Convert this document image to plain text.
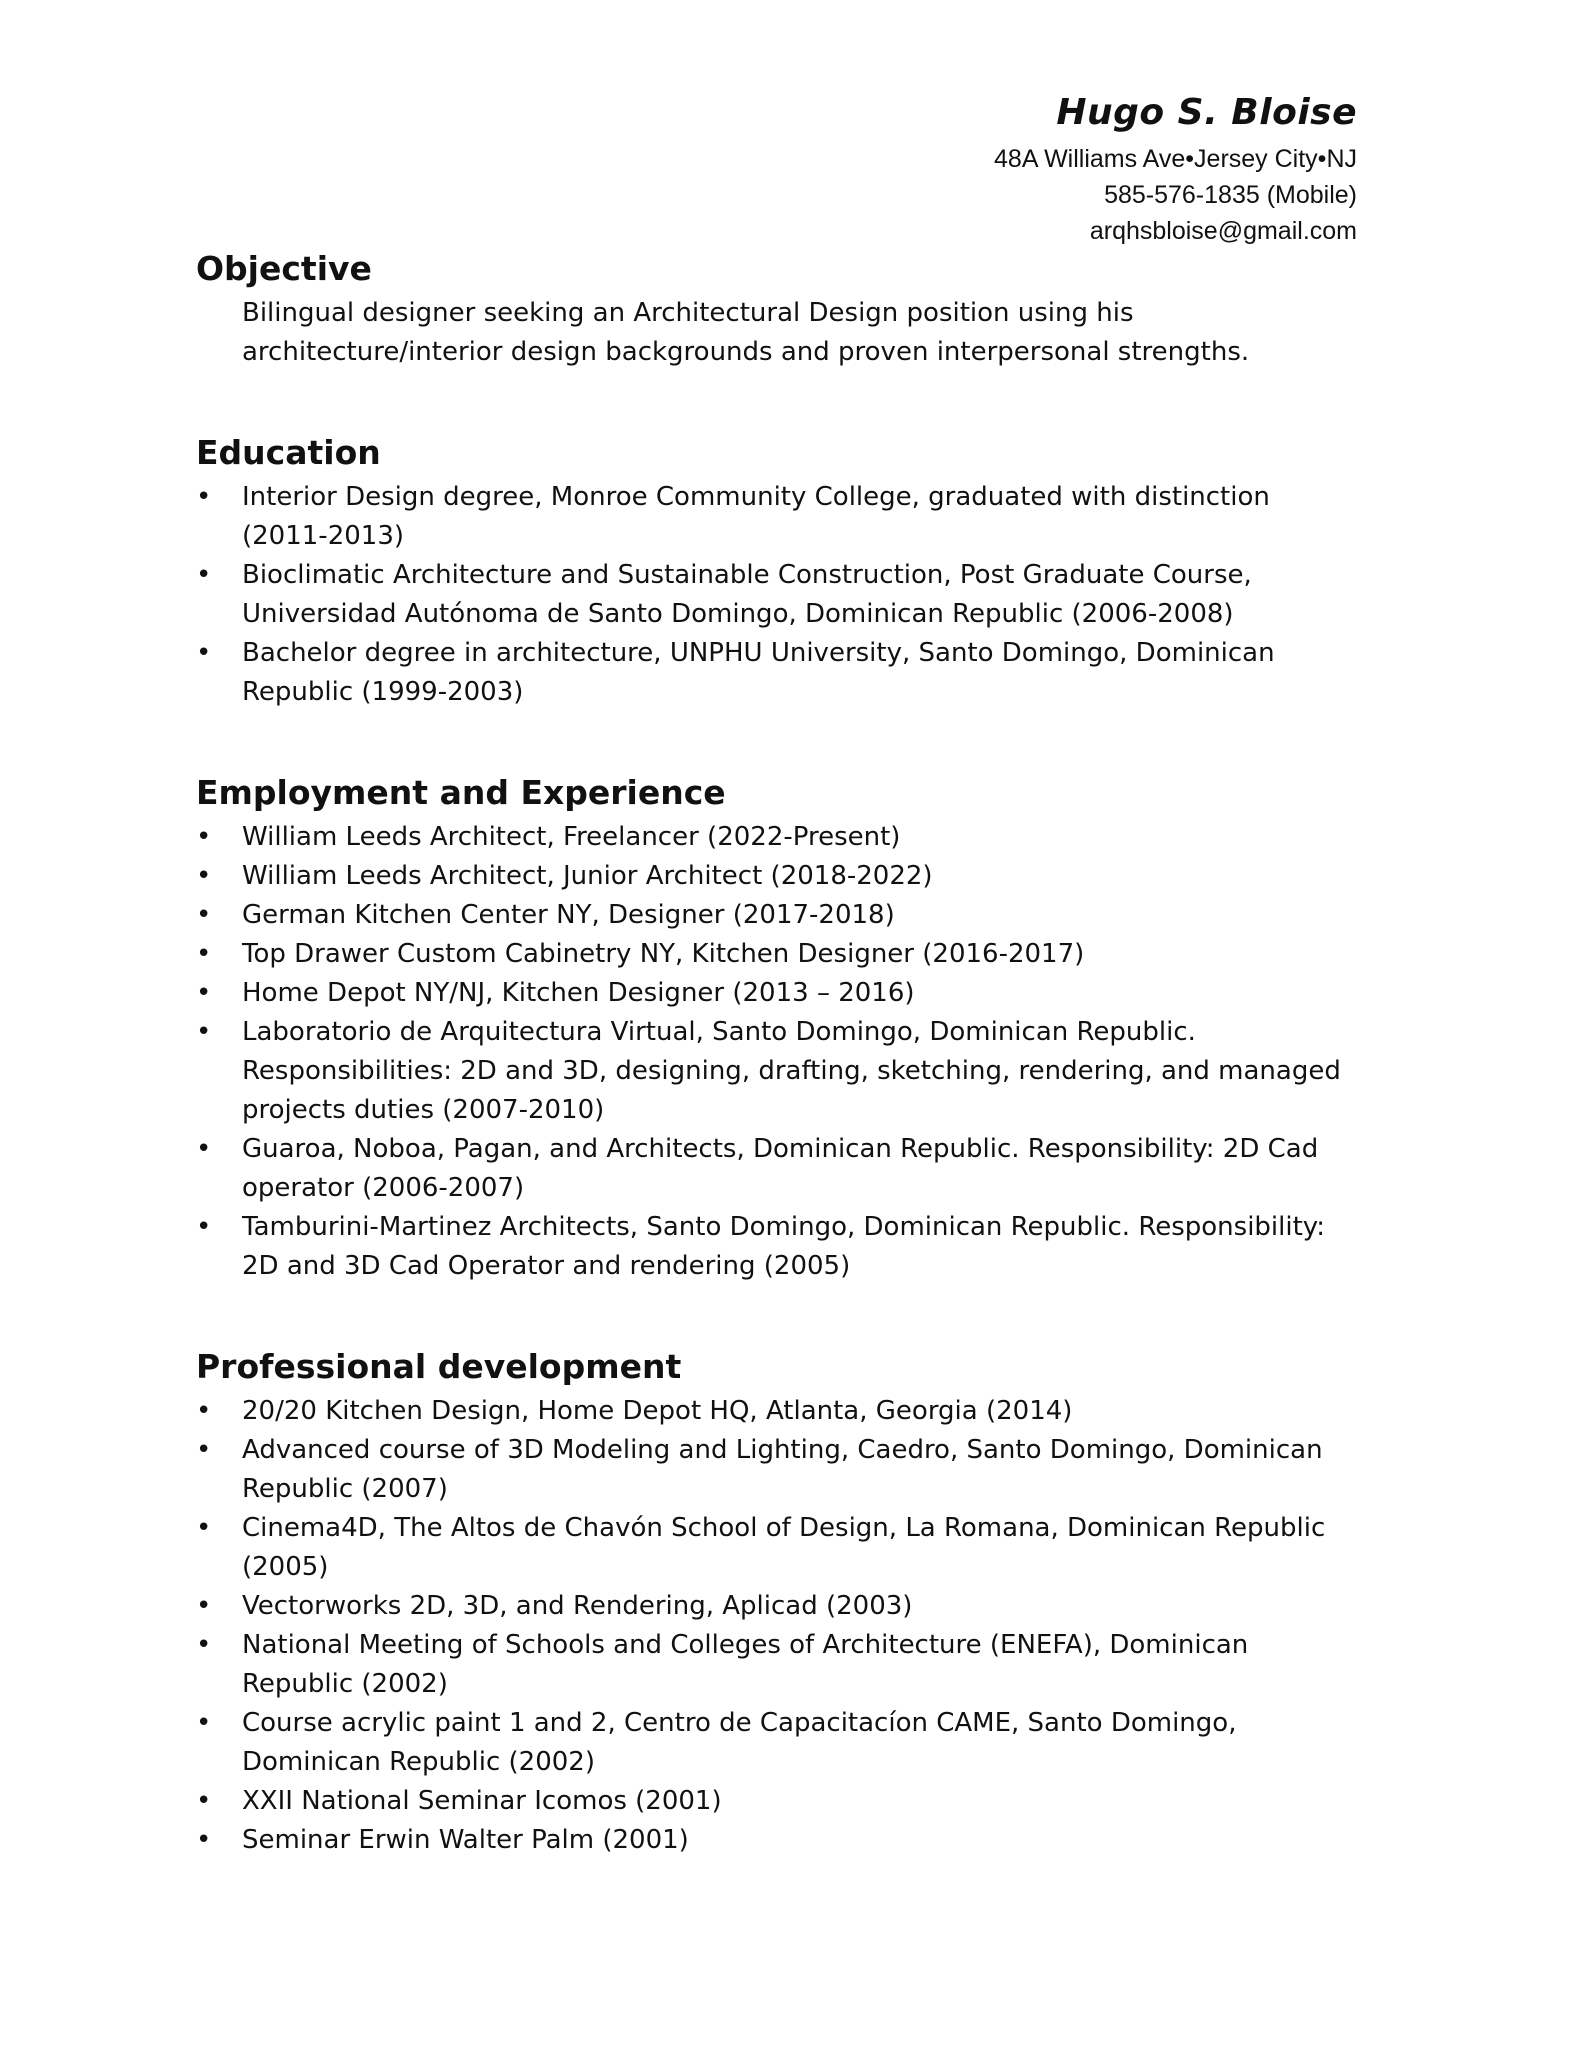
Hugo S. Bloise
48A Williams Ave•Jersey City•NJ
585-576-1835 (Mobile)
arqhsbloise@gmail.com
Objective

Bilingual designer seeking an Architectural Design position using his architecture/interior design backgrounds and proven interpersonal strengths.

Education
• Interior Design degree, Monroe Community College, graduated with distinction (2011-2013)
• Bioclimatic Architecture and Sustainable Construction, Post Graduate Course, Universidad Autónoma de Santo Domingo, Dominican Republic (2006-2008)
• Bachelor degree in architecture, UNPHU University, Santo Domingo, Dominican Republic (1999-2003)
Employment and Experience
• William Leeds Architect, Freelancer (2022-Present)
• William Leeds Architect, Junior Architect (2018-2022)
• German Kitchen Center NY, Designer (2017-2018)
• Top Drawer Custom Cabinetry NY, Kitchen Designer (2016-2017)
• Home Depot NY/NJ, Kitchen Designer (2013 – 2016)
• Laboratorio de Arquitectura Virtual, Santo Domingo, Dominican Republic. Responsibilities: 2D and 3D, designing, drafting, sketching, rendering, and managed projects duties (2007-2010)
• Guaroa, Noboa, Pagan, and Architects, Dominican Republic. Responsibility: 2D Cad operator (2006-2007)
• Tamburini-Martinez Architects, Santo Domingo, Dominican Republic. Responsibility: 2D and 3D Cad Operator and rendering (2005)
Professional development
• 20/20 Kitchen Design, Home Depot HQ, Atlanta, Georgia (2014)
• Advanced course of 3D Modeling and Lighting, Caedro, Santo Domingo, Dominican Republic (2007)
• Cinema4D, The Altos de Chavón School of Design, La Romana, Dominican Republic (2005)
• Vectorworks 2D, 3D, and Rendering, Aplicad (2003)
• National Meeting of Schools and Colleges of Architecture (ENEFA), Dominican Republic (2002)
• Course acrylic paint 1 and 2, Centro de Capacitacíon CAME, Santo Domingo, Dominican Republic (2002)
• XXII National Seminar Icomos (2001)
• Seminar Erwin Walter Palm (2001)
